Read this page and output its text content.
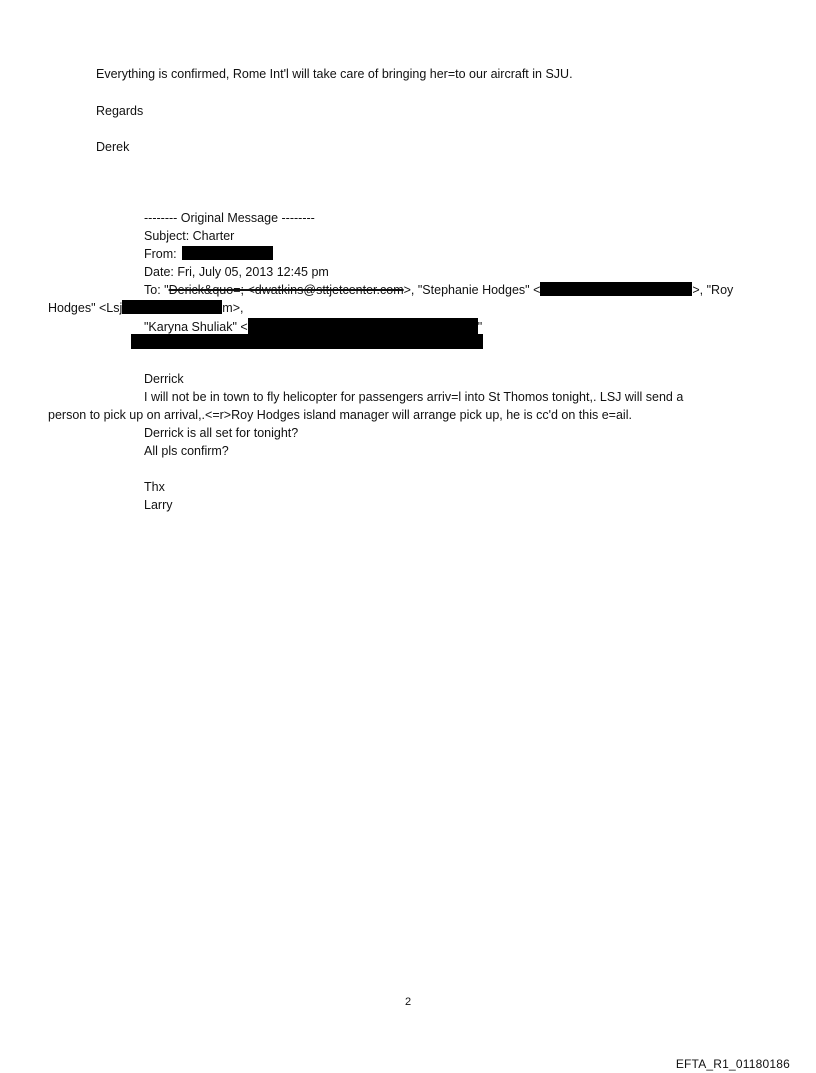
Everything is confirmed, Rome Int'l will take care of bringing her=to our aircraft in SJU.
Regards
Derek
-------- Original Message --------
Subject: Charter
From:
Date: Fri, July 05, 2013 12:45 pm
To: "Derick&quo=; <dwatkins@sttjetcenter.com>, "Stephanie Hodges" <	>, "Roy
Hodges" <Lsj	m>,
"Karyna Shuliak" <	"
Derrick
I will not be in town to fly helicopter for passengers arriv=l into St Thomos tonight,. LSJ will send a
person to pick up on arrival,.<=r>Roy Hodges island manager will arrange pick up, he is cc'd on this e=ail.
Derrick is all set for tonight?
All pls confirm?
Thx
Larry
2
EFTA_R1_01180186
